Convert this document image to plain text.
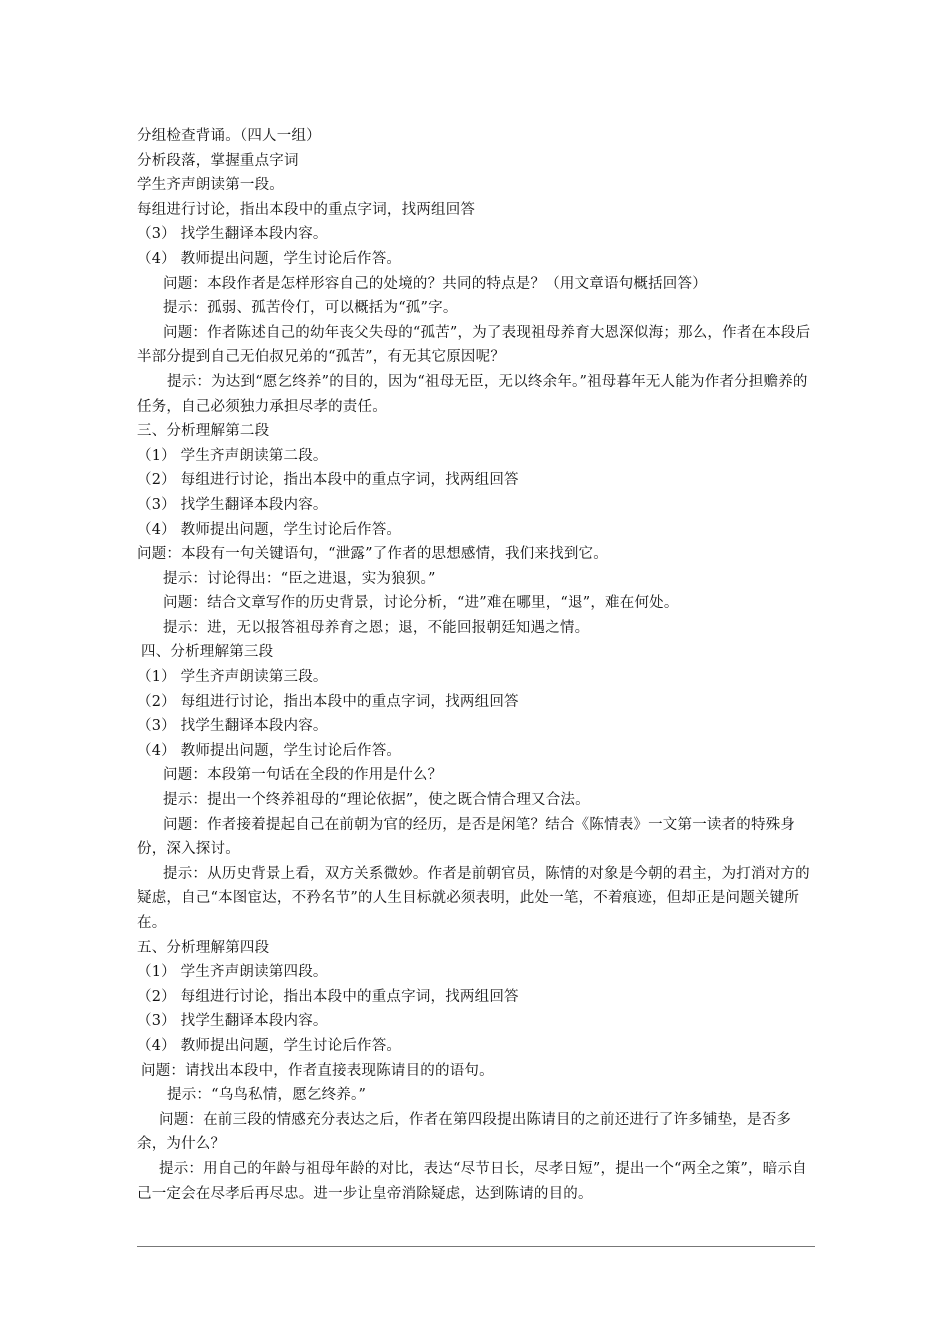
分组检查背诵。（四人一组）

分析段落，掌握重点字词

学生齐声朗读第一段。

每组进行讨论，指出本段中的重点字词，找两组回答

（3） 找学生翻译本段内容。

（4） 教师提出问题，学生讨论后作答。

问题：本段作者是怎样形容自己的处境的？共同的特点是？（用文章语句概括回答）

提示：孤弱、孤苦伶仃，可以概括为“孤”字。

问题：作者陈述自己的幼年丧父失母的“孤苦”，为了表现祖母养育大恩深似海；那么，作者在本段后半部分提到自己无伯叔兄弟的“孤苦”，有无其它原因呢？

提示：为达到“愿乞终养”的目的，因为“祖母无臣，无以终余年。”祖母暮年无人能为作者分担赡养的任务，自己必须独力承担尽孝的责任。

三、分析理解第二段

（1） 学生齐声朗读第二段。

（2） 每组进行讨论，指出本段中的重点字词，找两组回答

（3） 找学生翻译本段内容。

（4） 教师提出问题，学生讨论后作答。

问题：本段有一句关键语句，“泄露”了作者的思想感情，我们来找到它。

提示：讨论得出：“臣之进退，实为狼狈。”

问题：结合文章写作的历史背景，讨论分析，“进”难在哪里，“退”，难在何处。

提示：进，无以报答祖母养育之恩；退，不能回报朝廷知遇之情。

四、分析理解第三段

（1） 学生齐声朗读第三段。

（2） 每组进行讨论，指出本段中的重点字词，找两组回答

（3） 找学生翻译本段内容。

（4） 教师提出问题，学生讨论后作答。

问题：本段第一句话在全段的作用是什么？

提示：提出一个终养祖母的“理论依据”，使之既合情合理又合法。

问题：作者接着提起自己在前朝为官的经历，是否是闲笔？结合《陈情表》一文第一读者的特殊身份，深入探讨。

提示：从历史背景上看，双方关系微妙。作者是前朝官员，陈情的对象是今朝的君主，为打消对方的疑虑，自己“本图宦达，不矜名节”的人生目标就必须表明，此处一笔，不着痕迹，但却正是问题关键所在。

五、分析理解第四段

（1） 学生齐声朗读第四段。

（2） 每组进行讨论，指出本段中的重点字词，找两组回答

（3） 找学生翻译本段内容。

（4） 教师提出问题，学生讨论后作答。

问题：请找出本段中，作者直接表现陈请目的的语句。

提示：“乌鸟私情，愿乞终养。”

问题：在前三段的情感充分表达之后，作者在第四段提出陈请目的之前还进行了许多铺垫，是否多余，为什么？

提示：用自己的年龄与祖母年龄的对比，表达“尽节日长，尽孝日短”，提出一个“两全之策”，暗示自己一定会在尽孝后再尽忠。进一步让皇帝消除疑虑，达到陈请的目的。
